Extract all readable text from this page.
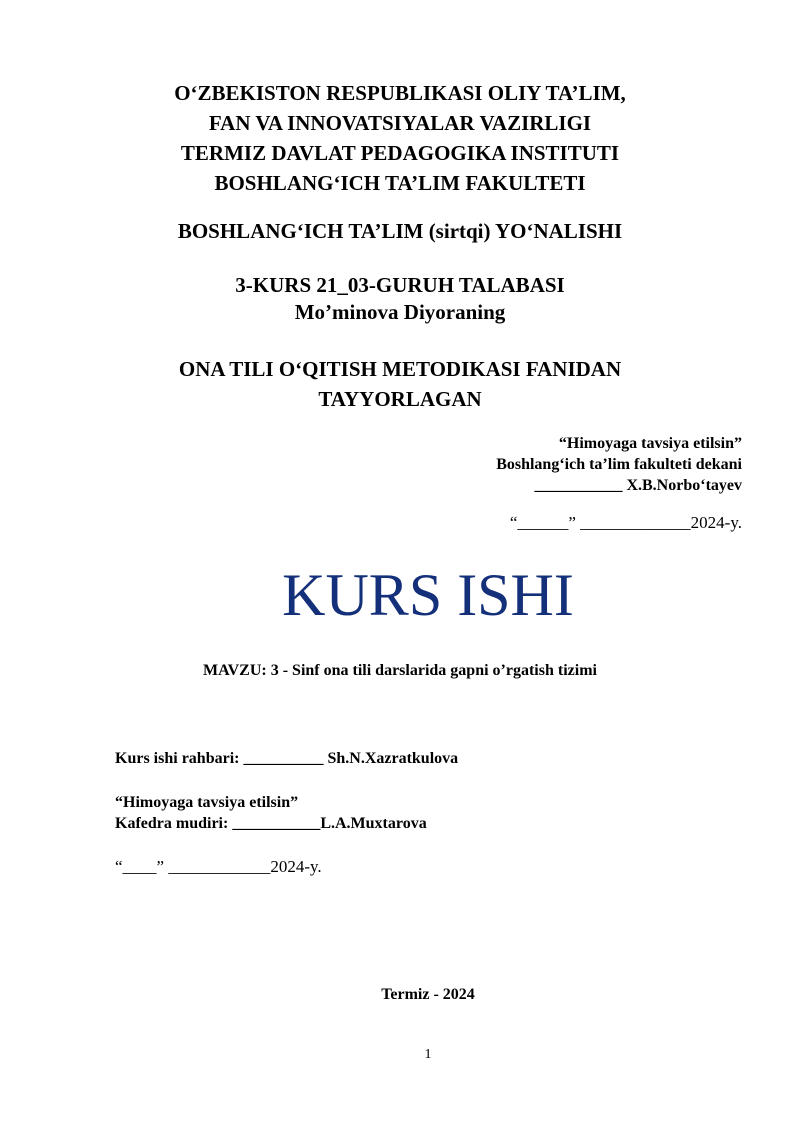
O‘ZBEKISTON RESPUBLIKASI OLIY TA’LIM,
FAN VA INNOVATSIYALAR VAZIRLIGI
TERMIZ DAVLAT PEDAGOGIKA INSTITUTI
BOSHLANG‘ICH TA’LIM FAKULTETI
BOSHLANG‘ICH TA’LIM (sirtqi) YO‘NALISHI
3-KURS 21_03-GURUH TALABASI
Mo’minova Diyoraning
ONA TILI O‘QITISH METODIKASI FANIDAN
TAYYORLAGAN
“Himoyaga tavsiya etilsin”
Boshlang‘ich ta’lim fakulteti dekani
___________ X.B.Norbo‘tayev
“______” _____________2024-y.
KURS ISHI
MAVZU: 3 - Sinf ona tili darslarida gapni o’rgatish tizimi
Kurs ishi rahbari: __________ Sh.N.Xazratkulova
“Himoyaga tavsiya etilsin”
Kafedra mudiri: ___________L.A.Muxtarova
“____” ____________2024-y.
Termiz - 2024
1
